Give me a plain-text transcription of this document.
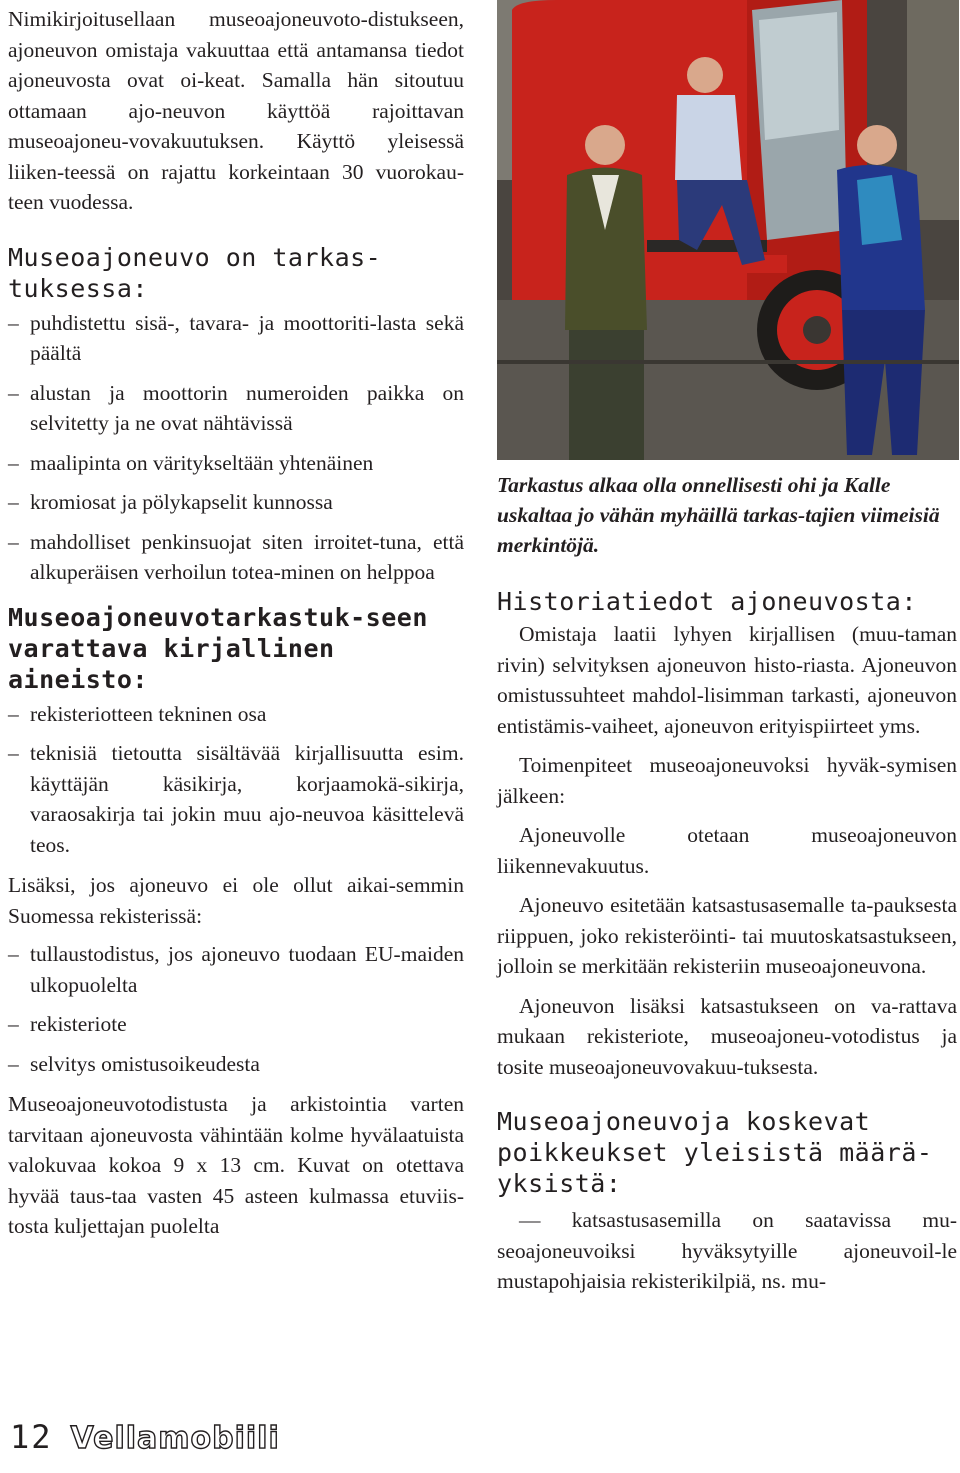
Nimikirjoitusellaan museoajoneuvoto-distukseen, ajoneuvon omistaja vakuuttaa että antamansa tiedot ajoneuvosta ovat oi-keat. Samalla hän sitoutuu ottamaan ajo-neuvon käyttöä rajoittavan museoajoneu-vovakuutuksen. Käyttö yleisessä liiken-teessä on rajattu korkeintaan 30 vuorokau-teen vuodessa.

Museoajoneuvo on tarkas-tuksessa:
– puhdistettu sisä-, tavara- ja moottoriti-lasta sekä päältä
– alustan ja moottorin numeroiden paikka on selvitetty ja ne ovat nähtävissä
– maalipinta on väritykseltään yhtenäinen
– kromiosat ja pölykapselit kunnossa
– mahdolliset penkinsuojat siten irroitet-tuna, että alkuperäisen verhoilun totea-minen on helppoa
Museoajoneuvotarkastuk-seen varattava kirjallinen aineisto:
– rekisteriotteen tekninen osa
– teknisiä tietoutta sisältävää kirjallisuutta esim. käyttäjän käsikirja, korjaamokä-sikirja, varaosakirja tai jokin muu ajo-neuvoa käsittelevä teos.

Lisäksi, jos ajoneuvo ei ole ollut aikai-semmin Suomessa rekisterissä:

– tullaustodistus, jos ajoneuvo tuodaan EU-maiden ulkopuolelta
– rekisteriote
– selvitys omistusoikeudesta

Museoajoneuvotodistusta ja arkistointia varten tarvitaan ajoneuvosta vähintään kolme hyvälaatuista valokuvaa kokoa 9 x 13 cm. Kuvat on otettava hyvää taus-taa vasten 45 asteen kulmassa etuviis-tosta kuljettajan puolelta

Tarkastus alkaa olla onnellisesti ohi ja Kalle uskaltaa jo vähän myhäillä tarkas-tajien viimeisiä merkintöjä.

Historiatiedot ajoneuvosta:

Omistaja laatii lyhyen kirjallisen (muu-taman rivin) selvityksen ajoneuvon histo-riasta. Ajoneuvon omistussuhteet mahdol-lisimman tarkasti, ajoneuvon entistämis-vaiheet, ajoneuvon erityispiirteet yms.

Toimenpiteet museoajoneuvoksi hyväk-symisen jälkeen:

Ajoneuvolle otetaan museoajoneuvon liikennevakuutus.

Ajoneuvo esitetään katsastusasemalle ta-pauksesta riippuen, joko rekisteröinti- tai muutoskatsastukseen, jolloin se merkitään rekisteriin museoajoneuvona.

Ajoneuvon lisäksi katsastukseen on va-rattava mukaan rekisteriote, museoajoneu-votodistus ja tosite museoajoneuvovakuu-tuksesta.

Museoajoneuvoja koskevat poikkeukset yleisistä määrä-yksistä:

— katsastusasemilla on saatavissa mu-seoajoneuvoiksi hyväksytyille ajoneuvoil-le mustapohjaisia rekisterikilpiä, ns. mu-

12 Vellamobiili
